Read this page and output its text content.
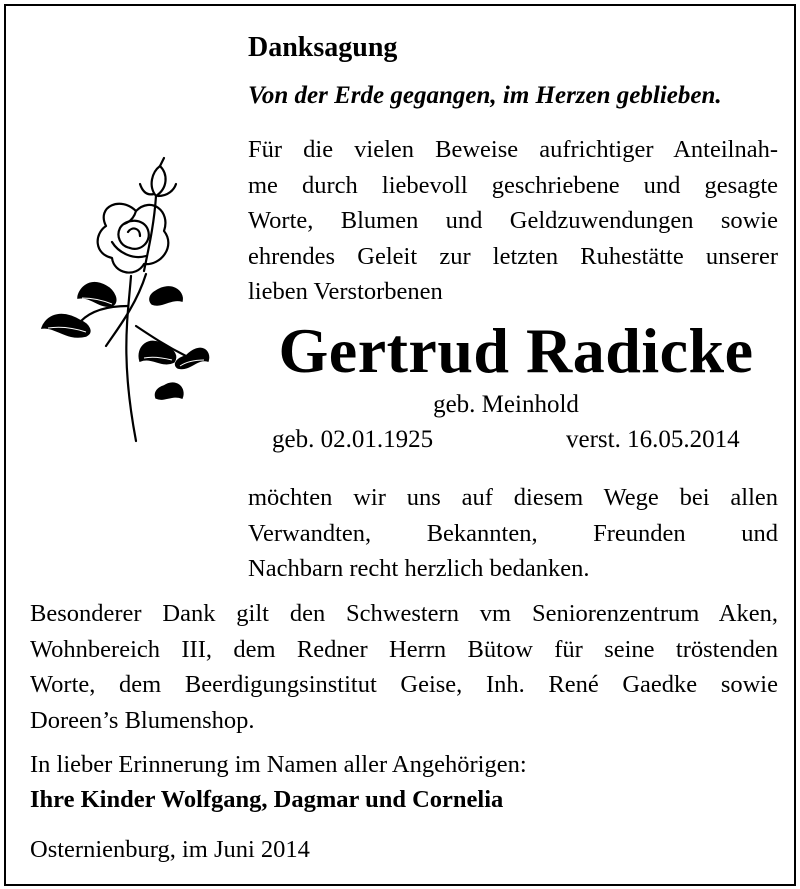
Danksagung
Von der Erde gegangen, im Herzen geblieben.
Für die vielen Beweise aufrichtiger Anteilnah-
me durch liebevoll geschriebene und gesagte
Worte, Blumen und Geldzuwendungen sowie
ehrendes Geleit zur letzten Ruhestätte unserer
lieben Verstorbenen
Gertrud Radicke
geb. Meinhold
geb. 02.01.1925	verst. 16.05.2014
möchten wir uns auf diesem Wege bei allen
Verwandten, Bekannten, Freunden und
Nachbarn recht herzlich bedanken.
Besonderer Dank gilt den Schwestern vm Seniorenzentrum Aken,
Wohnbereich III, dem Redner Herrn Bütow für seine tröstenden
Worte, dem Beerdigungsinstitut Geise, Inh. René Gaedke sowie
Doreen’s Blumenshop.
In lieber Erinnerung im Namen aller Angehörigen:
Ihre Kinder Wolfgang, Dagmar und Cornelia
Osternienburg, im Juni 2014
